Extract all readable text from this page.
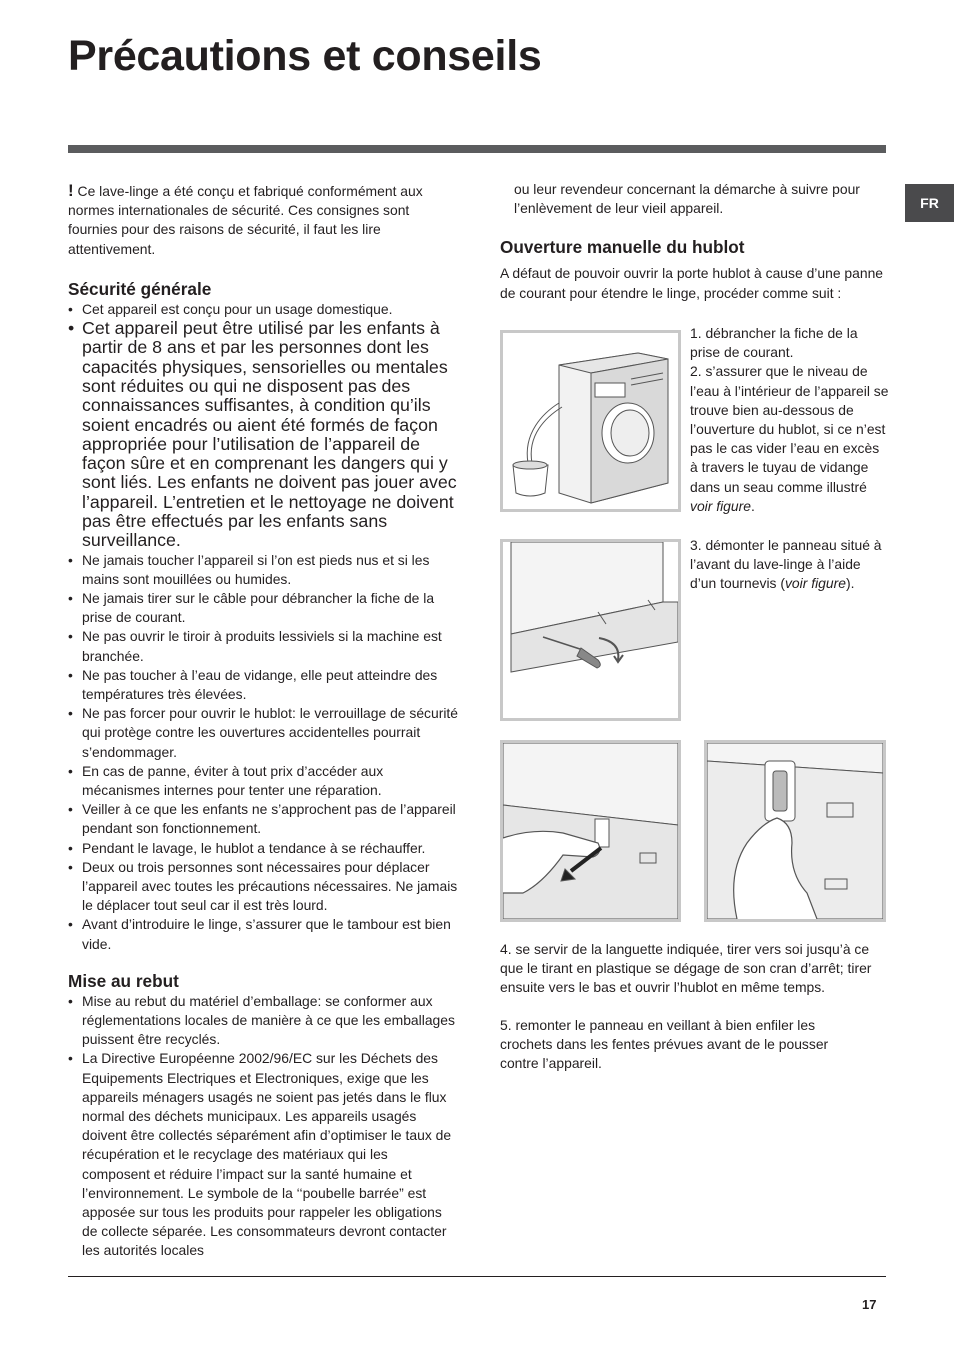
Précautions et conseils
FR

! Ce lave-linge a été conçu et fabriqué conformément aux normes internationales de sécurité. Ces consignes sont fournies pour des raisons de sécurité, il faut les lire attentivement.

Sécurité générale
• Cet appareil est conçu pour un usage domestique.
• Cet appareil peut être utilisé par les enfants à partir de 8 ans et par les personnes dont les capacités physiques, sensorielles ou mentales sont réduites ou qui ne disposent pas des connaissances suffisantes, à condition qu’ils soient encadrés ou aient été formés de façon appropriée pour l’utilisation de l’appareil de façon sûre et en comprenant les dangers qui y sont liés. Les enfants ne doivent pas jouer avec l’appareil. L’entretien et le nettoyage ne doivent pas être effectués par les enfants sans surveillance.
• Ne jamais toucher l’appareil si l’on est pieds nus et si les mains sont mouillées ou humides.
• Ne jamais tirer sur le câble pour débrancher la fiche de la prise de courant.
• Ne pas ouvrir le tiroir à produits lessiviels si la machine est branchée.
• Ne pas toucher à l’eau de vidange, elle peut atteindre des températures très élevées.
• Ne pas forcer pour ouvrir le hublot: le verrouillage de sécurité qui protège contre les ouvertures accidentelles pourrait s’endommager.
• En cas de panne, éviter à tout prix d’accéder aux mécanismes internes pour tenter une réparation.
• Veiller à ce que les enfants ne s’approchent pas de l’appareil pendant son fonctionnement.
• Pendant le lavage, le hublot a tendance à se réchauffer.
• Deux ou trois personnes sont nécessaires pour déplacer l’appareil avec toutes les précautions nécessaires. Ne jamais le déplacer tout seul car il est très lourd.
• Avant d’introduire le linge, s’assurer que le tambour est bien vide.
Mise au rebut
• Mise au rebut du matériel d’emballage: se conformer aux réglementations locales de manière à ce que les emballages puissent être recyclés.
• La Directive Européenne 2002/96/EC sur les Déchets des Equipements Electriques et Electroniques, exige que les appareils ménagers usagés ne soient pas jetés dans le flux normal des déchets municipaux. Les appareils usagés doivent être collectés séparément afin d’optimiser le taux de récupération et le recyclage des matériaux qui les composent et réduire l’impact sur la santé humaine et l’environnement. Le symbole de la ‘‘poubelle barrée” est apposée sur tous les produits pour rappeler les obligations de collecte séparée. Les consommateurs devront contacter les autorités locales

ou leur revendeur concernant la démarche à suivre pour l’enlèvement de leur vieil appareil.

Ouverture manuelle du hublot

A défaut de pouvoir ouvrir la porte hublot à cause d’une panne de courant pour étendre le linge, procéder comme suit :

1. débrancher la fiche de la prise de courant.
2. s’assurer que le niveau de l’eau à l’intérieur de l’appareil se trouve bien au-dessous de l’ouverture du hublot, si ce n’est pas le cas vider l’eau en excès à travers le tuyau de vidange dans un seau comme illustré voir figure.
3. démonter le panneau situé à l’avant du lave-linge à l’aide d’un tournevis (voir figure).

4. se servir de la languette indiquée, tirer vers soi jusqu’à ce que le tirant en plastique se dégage de son cran d’arrêt; tirer ensuite vers le bas et ouvrir l’hublot en même temps.

5. remonter le panneau en veillant à bien enfiler les crochets dans les fentes prévues avant de le pousser contre l’appareil.

17
